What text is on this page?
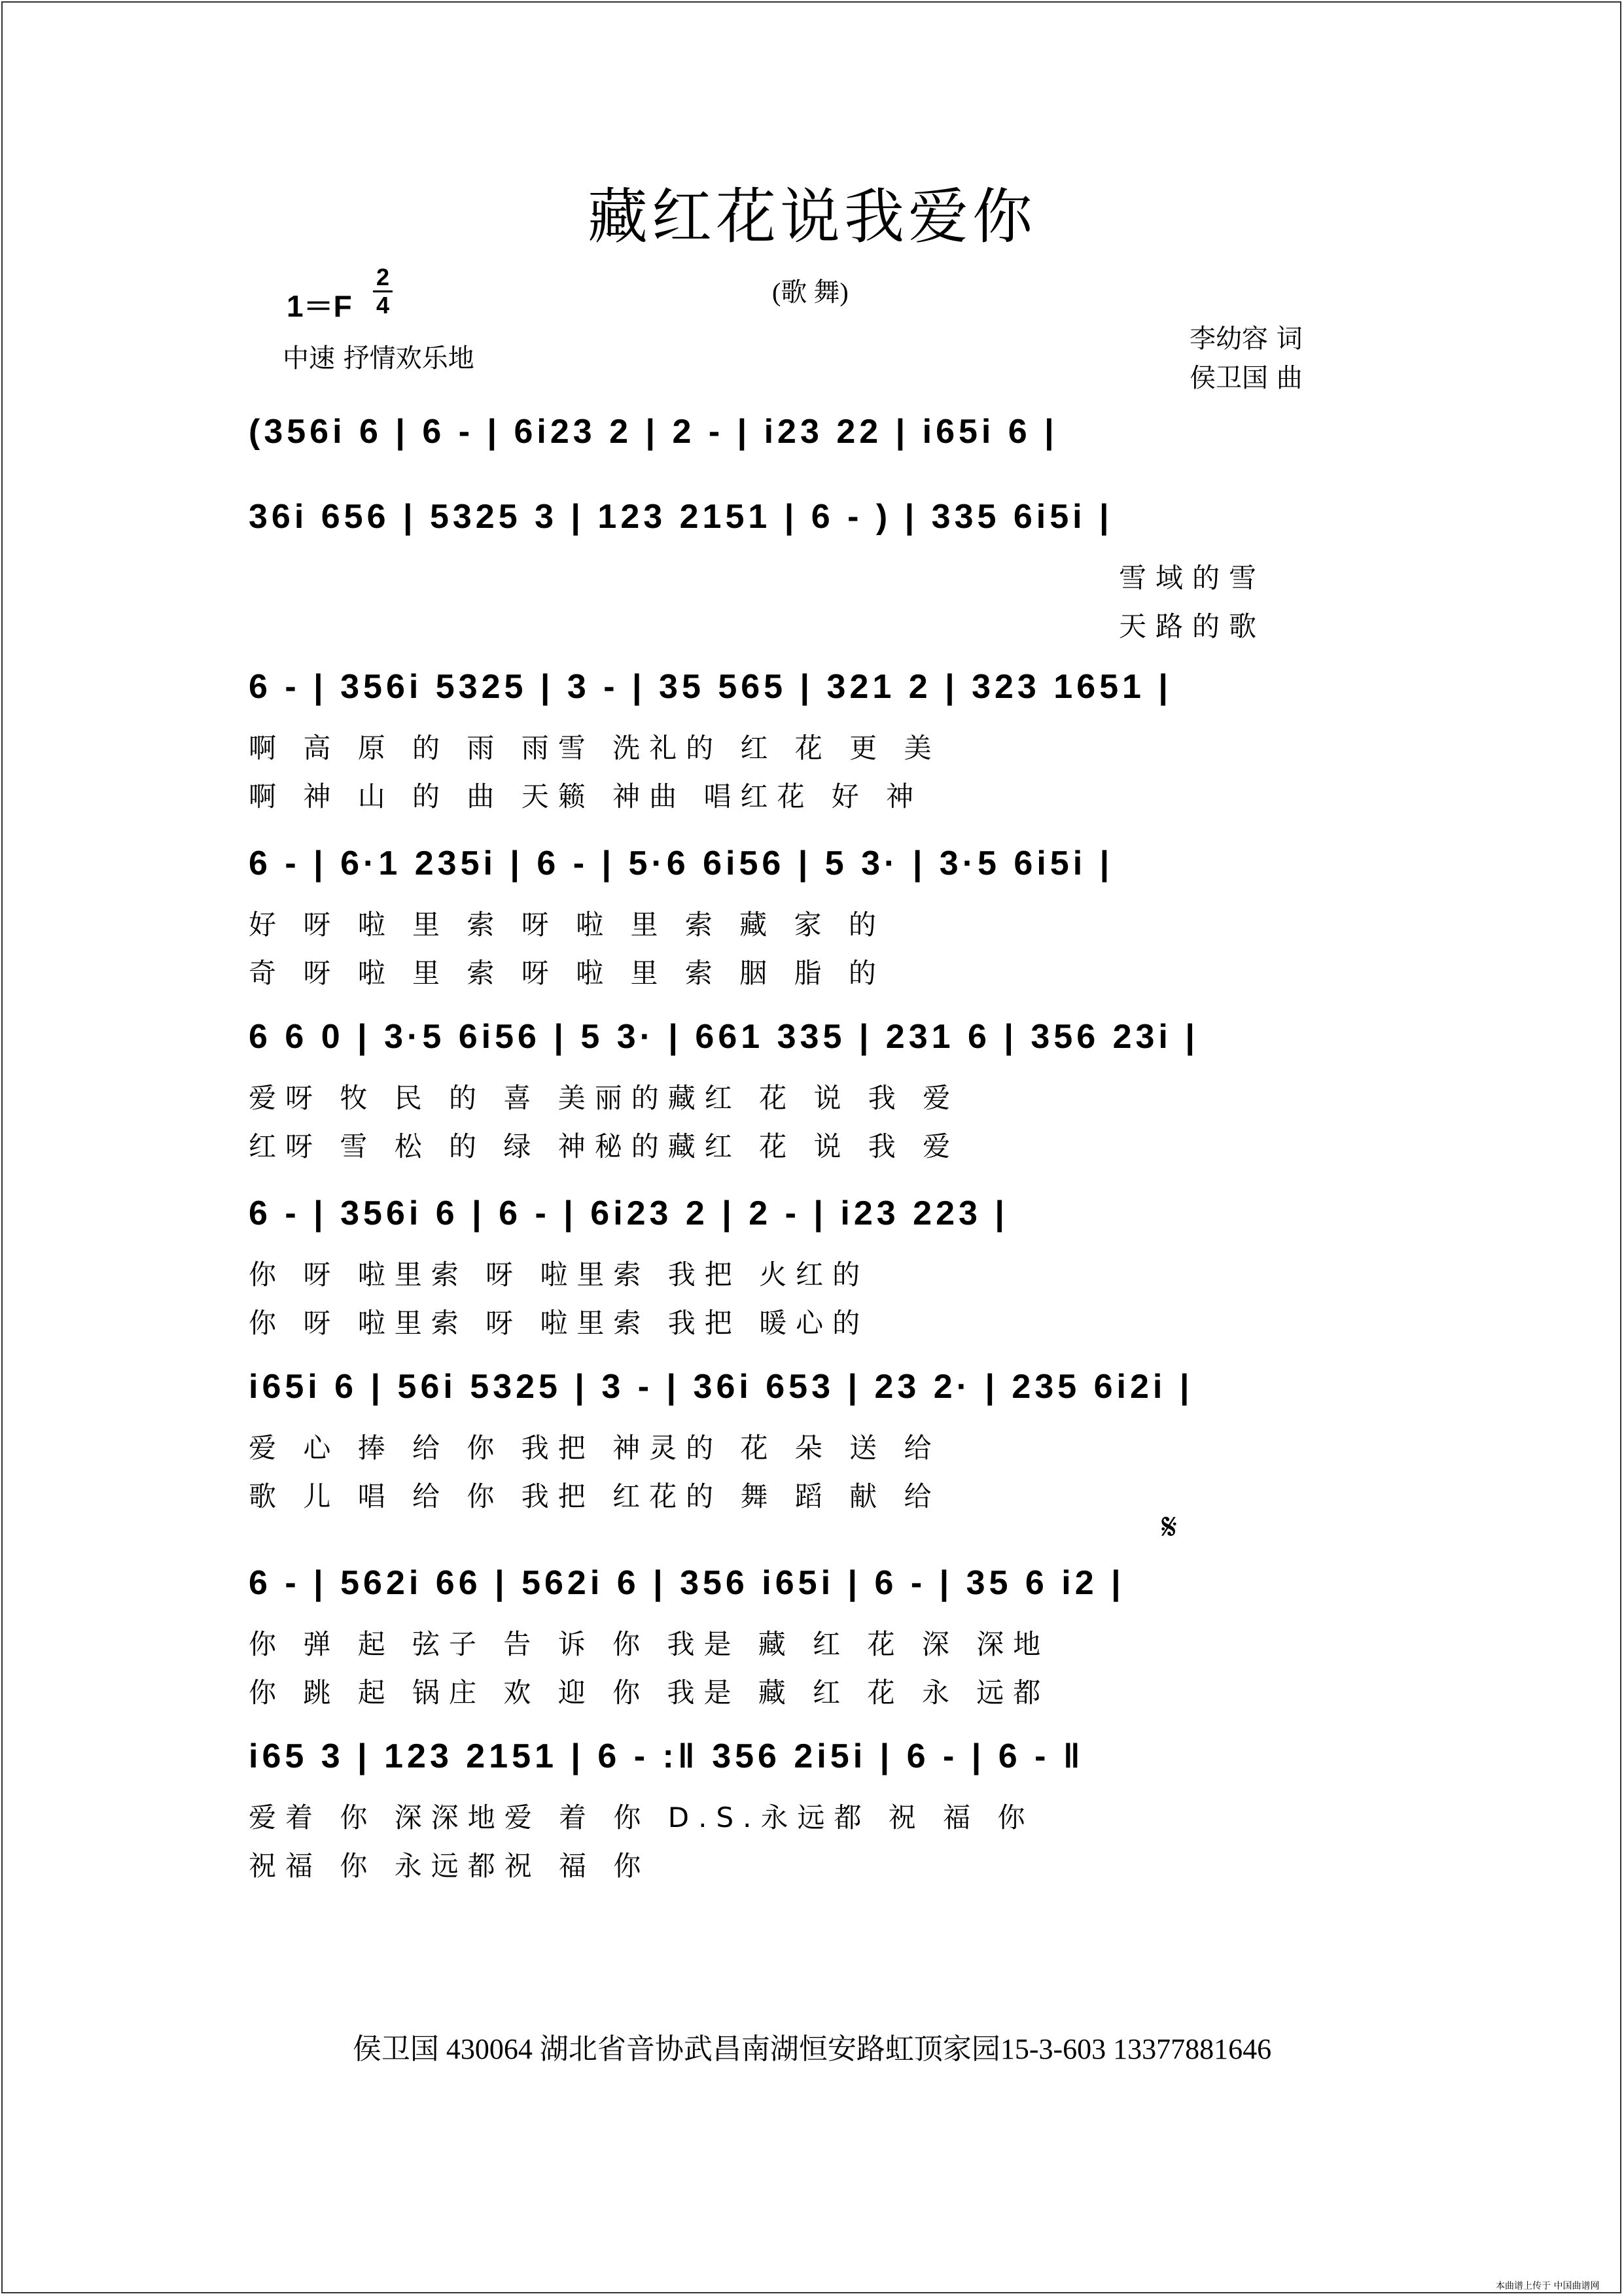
藏红花说我爱你
(歌 舞)
1＝F
2
4
中速 抒情欢乐地
李幼容 词
侯卫国 曲
(356i 6 | 6 - | 6i23 2 | 2 - | i23 22 | i65i 6 |
36i 656 | 5325 3 | 123 2151 | 6 - ) | 335 6i5i |
雪域的雪
天路的歌
6 - | 356i 5325 | 3 - | 35 565 | 321 2 | 323 1651 |
啊 高 原 的 雨 雨雪 洗礼的 红 花 更 美
啊 神 山 的 曲 天籁 神曲 唱红花 好 神
6 - | 6·1 235i | 6 - | 5·6 6i56 | 5 3· | 3·5 6i5i |
好 呀 啦 里 索 呀 啦 里 索 藏 家 的
奇 呀 啦 里 索 呀 啦 里 索 胭 脂 的
6 6 0 | 3·5 6i56 | 5 3· | 661 335 | 231 6 | 356 23i |
爱呀 牧 民 的 喜 美丽的藏红 花 说 我 爱
红呀 雪 松 的 绿 神秘的藏红 花 说 我 爱
6 - | 356i 6 | 6 - | 6i23 2 | 2 - | i23 223 |
你 呀 啦里索 呀 啦里索 我把 火红的
你 呀 啦里索 呀 啦里索 我把 暖心的
i65i 6 | 56i 5325 | 3 - | 36i 653 | 23 2· | 235 6i2i |
爱 心 捧 给 你 我把 神灵的 花 朵 送 给
歌 儿 唱 给 你 我把 红花的 舞 蹈 献 给
6 - | 562i 66 | 562i 6 | 356 i65i | 6 - | 35 6 i2 |
𝄋
你 弹 起 弦子 告 诉 你 我是 藏 红 花 深 深地
你 跳 起 锅庄 欢 迎 你 我是 藏 红 花 永 远都
i65 3 | 123 2151 | 6 - :‖ 356 2i5i | 6 - | 6 - ‖
爱着 你 深深地爱 着 你 D.S.永远都 祝 福 你
祝福 你 永远都祝 福 你
侯卫国 430064 湖北省音协武昌南湖恒安路虹顶家园15-3-603 13377881646
本曲谱上传于 中国曲谱网
